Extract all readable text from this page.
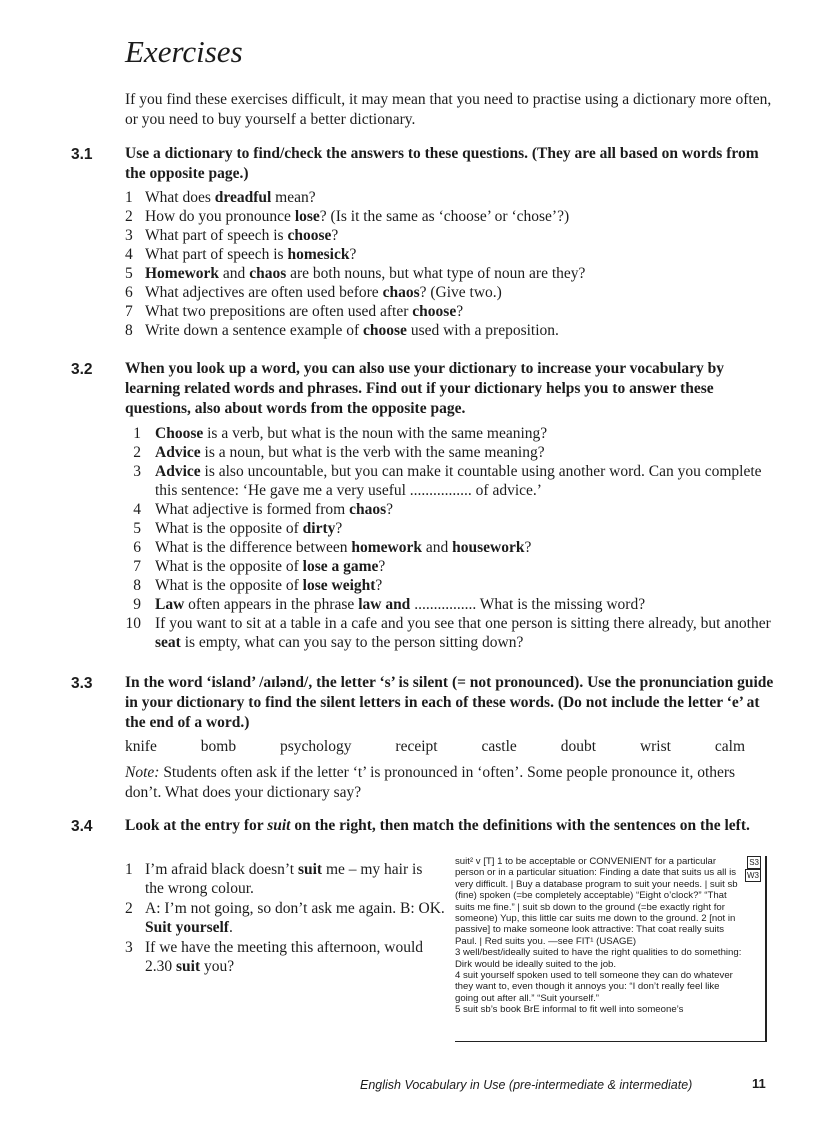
Exercises
If you find these exercises difficult, it may mean that you need to practise using a dictionary more often, or you need to buy yourself a better dictionary.
3.1 Use a dictionary to find/check the answers to these questions. (They are all based on words from the opposite page.)
1 What does dreadful mean?
2 How do you pronounce lose? (Is it the same as ‘choose’ or ‘chose’?)
3 What part of speech is choose?
4 What part of speech is homesick?
5 Homework and chaos are both nouns, but what type of noun are they?
6 What adjectives are often used before chaos? (Give two.)
7 What two prepositions are often used after choose?
8 Write down a sentence example of choose used with a preposition.
3.2 When you look up a word, you can also use your dictionary to increase your vocabulary by learning related words and phrases. Find out if your dictionary helps you to answer these questions, also about words from the opposite page.
1 Choose is a verb, but what is the noun with the same meaning?
2 Advice is a noun, but what is the verb with the same meaning?
3 Advice is also uncountable, but you can make it countable using another word. Can you complete this sentence: ‘He gave me a very useful ................ of advice.’
4 What adjective is formed from chaos?
5 What is the opposite of dirty?
6 What is the difference between homework and housework?
7 What is the opposite of lose a game?
8 What is the opposite of lose weight?
9 Law often appears in the phrase law and ................ What is the missing word?
10 If you want to sit at a table in a cafe and you see that one person is sitting there already, but another seat is empty, what can you say to the person sitting down?
3.3 In the word ‘island’ /aɪlənd/, the letter ‘s’ is silent (= not pronounced). Use the pronunciation guide in your dictionary to find the silent letters in each of these words. (Do not include the letter ‘e’ at the end of a word.)
knife	bomb	psychology	receipt	castle	doubt	wrist	calm
Note: Students often ask if the letter ‘t’ is pronounced in ‘often’. Some people pronounce it, others don’t. What does your dictionary say?
3.4 Look at the entry for suit on the right, then match the definitions with the sentences on the left.
1 I’m afraid black doesn’t suit me – my hair is the wrong colour.
2 A: I’m not going, so don’t ask me again. B: OK. Suit yourself.
3 If we have the meeting this afternoon, would 2.30 suit you?
S3
W3

suit² v [T] 1 to be acceptable or CONVENIENT for a particular person or in a particular situation: Finding a date that suits us all is very difficult. | Buy a database program to suit your needs. | suit sb (fine) spoken (=be completely acceptable) “Eight o’clock?” “That suits me fine.” | suit sb down to the ground (=be exactly right for someone) Yup, this little car suits me down to the ground. 2 [not in passive] to make someone look attractive: That coat really suits Paul. | Red suits you. —see FIT¹ (USAGE)

3 well/best/ideally suited to have the right qualities to do something: Dirk would be ideally suited to the job.

4 suit yourself spoken used to tell someone they can do whatever they want to, even though it annoys you: “I don’t really feel like going out after all.” “Suit yourself.”

5 suit sb’s book BrE informal to fit well into someone’s

English Vocabulary in Use (pre-intermediate & intermediate)	11
